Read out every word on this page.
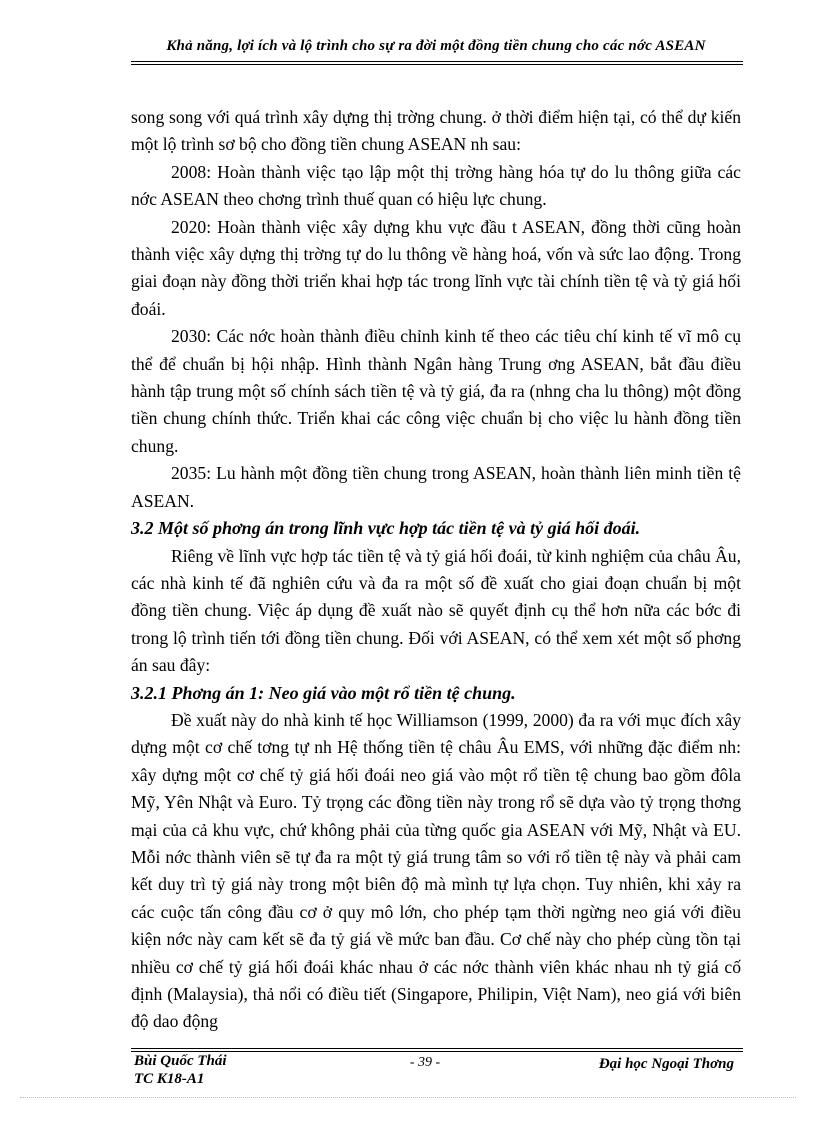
Khả năng, lợi ích và lộ trình cho sự ra đời một đồng tiền chung cho các nớc ASEAN

song song với quá trình xây dựng thị trờng chung. ở thời điểm hiện tại, có thể dự kiến một lộ trình sơ bộ cho đồng tiền chung ASEAN nh sau:

2008: Hoàn thành việc tạo lập một thị trờng hàng hóa tự do lu thông giữa các nớc ASEAN theo chơng trình thuế quan có hiệu lực chung.

2020: Hoàn thành việc xây dựng khu vực đầu t ASEAN, đồng thời cũng hoàn thành việc xây dựng thị trờng tự do lu thông về hàng hoá, vốn và sức lao động. Trong giai đoạn này đồng thời triển khai hợp tác trong lĩnh vực tài chính tiền tệ và tỷ giá hối đoái.

2030: Các nớc hoàn thành điều chỉnh kinh tế theo các tiêu chí kinh tế vĩ mô cụ thể để chuẩn bị hội nhập. Hình thành Ngân hàng Trung ơng ASEAN, bắt đầu điều hành tập trung một số chính sách tiền tệ và tỷ giá, đa ra (nhng cha lu thông) một đồng tiền chung chính thức. Triển khai các công việc chuẩn bị cho việc lu hành đồng tiền chung.

2035: Lu hành một đồng tiền chung trong ASEAN, hoàn thành liên minh tiền tệ ASEAN.

3.2 Một số phơng án trong lĩnh vực hợp tác tiền tệ và tỷ giá hối đoái.

Riêng về lĩnh vực hợp tác tiền tệ và tỷ giá hối đoái, từ kinh nghiệm của châu Âu, các nhà kinh tế đã nghiên cứu và đa ra một số đề xuất cho giai đoạn chuẩn bị một đồng tiền chung. Việc áp dụng đề xuất nào sẽ quyết định cụ thể hơn nữa các bớc đi trong lộ trình tiến tới đồng tiền chung. Đối với ASEAN, có thể xem xét một số phơng án sau đây:

3.2.1 Phơng án 1: Neo giá vào một rổ tiền tệ chung.

Đề xuất này do nhà kinh tế học Williamson (1999, 2000) đa ra với mục đích xây dựng một cơ chế tơng tự nh Hệ thống tiền tệ châu Âu EMS, với những đặc điểm nh: xây dựng một cơ chế tỷ giá hối đoái neo giá vào một rổ tiền tệ chung bao gồm đôla Mỹ, Yên Nhật và Euro. Tỷ trọng các đồng tiền này trong rổ sẽ dựa vào tỷ trọng thơng mại của cả khu vực, chứ không phải của từng quốc gia ASEAN với Mỹ, Nhật và EU. Mỗi nớc thành viên sẽ tự đa ra một tỷ giá trung tâm so với rổ tiền tệ này và phải cam kết duy trì tỷ giá này trong một biên độ mà mình tự lựa chọn. Tuy nhiên, khi xảy ra các cuộc tấn công đầu cơ ở quy mô lớn, cho phép tạm thời ngừng neo giá với điều kiện nớc này cam kết sẽ đa tỷ giá về mức ban đầu. Cơ chế này cho phép cùng tồn tại nhiều cơ chế tỷ giá hối đoái khác nhau ở các nớc thành viên khác nhau nh tỷ giá cố định (Malaysia), thả nổi có điều tiết (Singapore, Philipin, Việt Nam), neo giá với biên độ dao động

Bùi Quốc Thái
TC K18-A1
- 39 -	Đại học Ngoại Thơng
